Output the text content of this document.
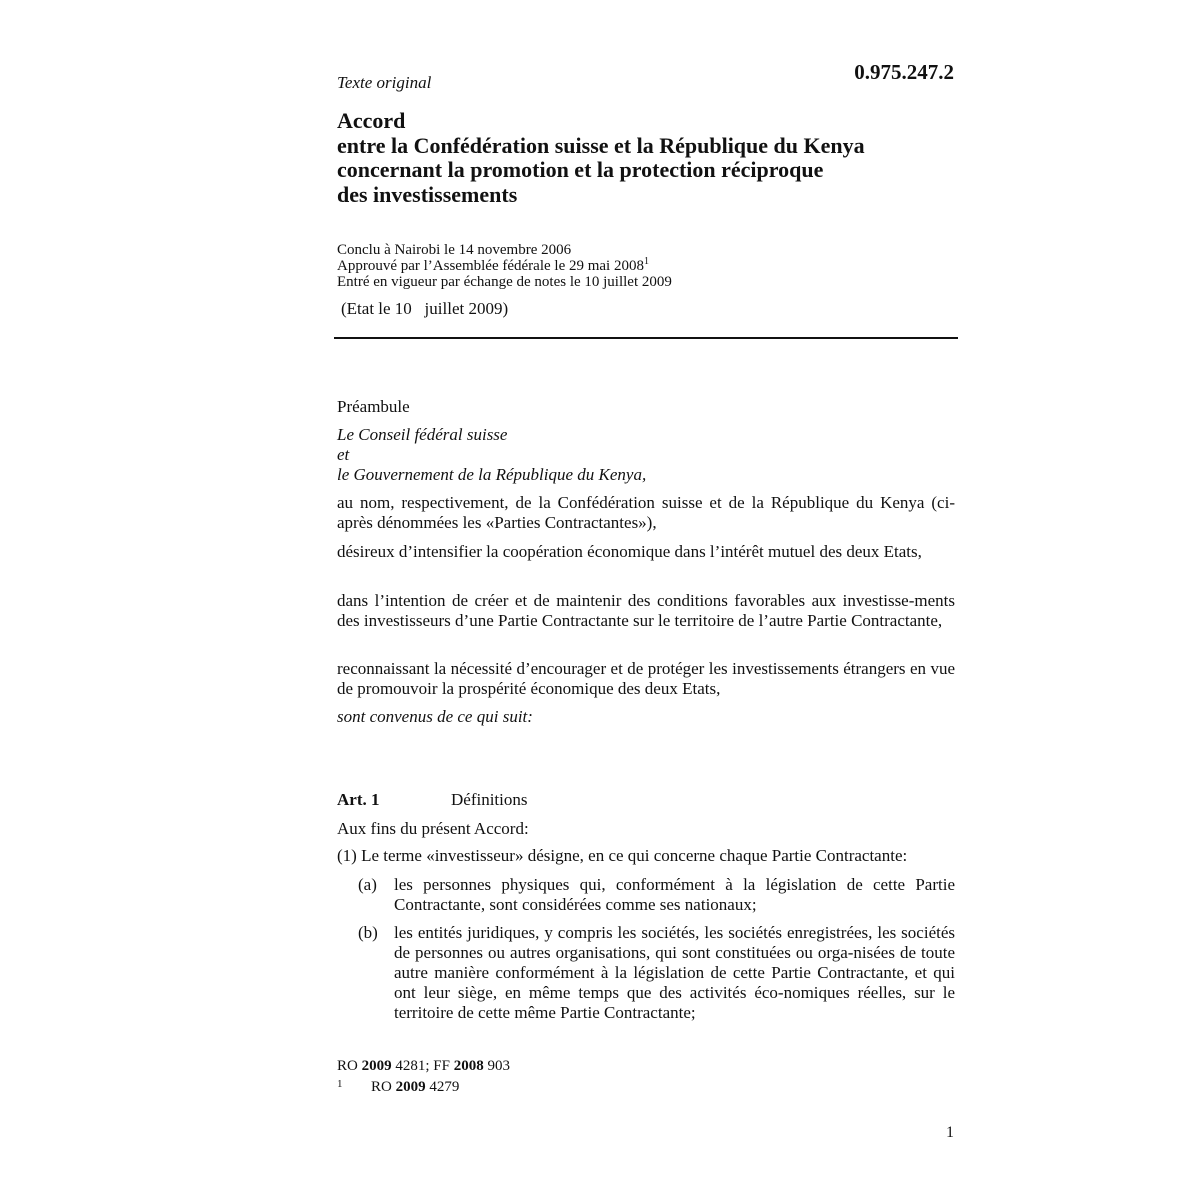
Texte original	0.975.247.2
Accord
entre la Confédération suisse et la République du Kenya
concernant la promotion et la protection réciproque
des investissements
Conclu à Nairobi le 14 novembre 2006
Approuvé par l’Assemblée fédérale le 29 mai 2008$^1$
Entré en vigueur par échange de notes le 10 juillet 2009
(Etat le 10   juillet 2009)
Préambule
Le Conseil fédéral suisse
et
le Gouvernement de la République du Kenya,
au nom, respectivement, de la Confédération suisse et de la République du Kenya (ci-après dénommées les «Parties Contractantes»),
désireux d’intensifier la coopération économique dans l’intérêt mutuel des deux Etats,
dans l’intention de créer et de maintenir des conditions favorables aux investisse-ments des investisseurs d’une Partie Contractante sur le territoire de l’autre Partie Contractante,
reconnaissant la nécessité d’encourager et de protéger les investissements étrangers en vue de promouvoir la prospérité économique des deux Etats,
sont convenus de ce qui suit:
Art. 1	Définitions
Aux fins du présent Accord:
(1) Le terme «investisseur» désigne, en ce qui concerne chaque Partie Contractante:
(a) les personnes physiques qui, conformément à la législation de cette Partie Contractante, sont considérées comme ses nationaux;
(b) les entités juridiques, y compris les sociétés, les sociétés enregistrées, les sociétés de personnes ou autres organisations, qui sont constituées ou orga-nisées de toute autre manière conformément à la législation de cette Partie Contractante, et qui ont leur siège, en même temps que des activités éco-nomiques réelles, sur le territoire de cette même Partie Contractante;
RO 2009 4281; FF 2008 903
$^1$ RO 2009 4279
1
